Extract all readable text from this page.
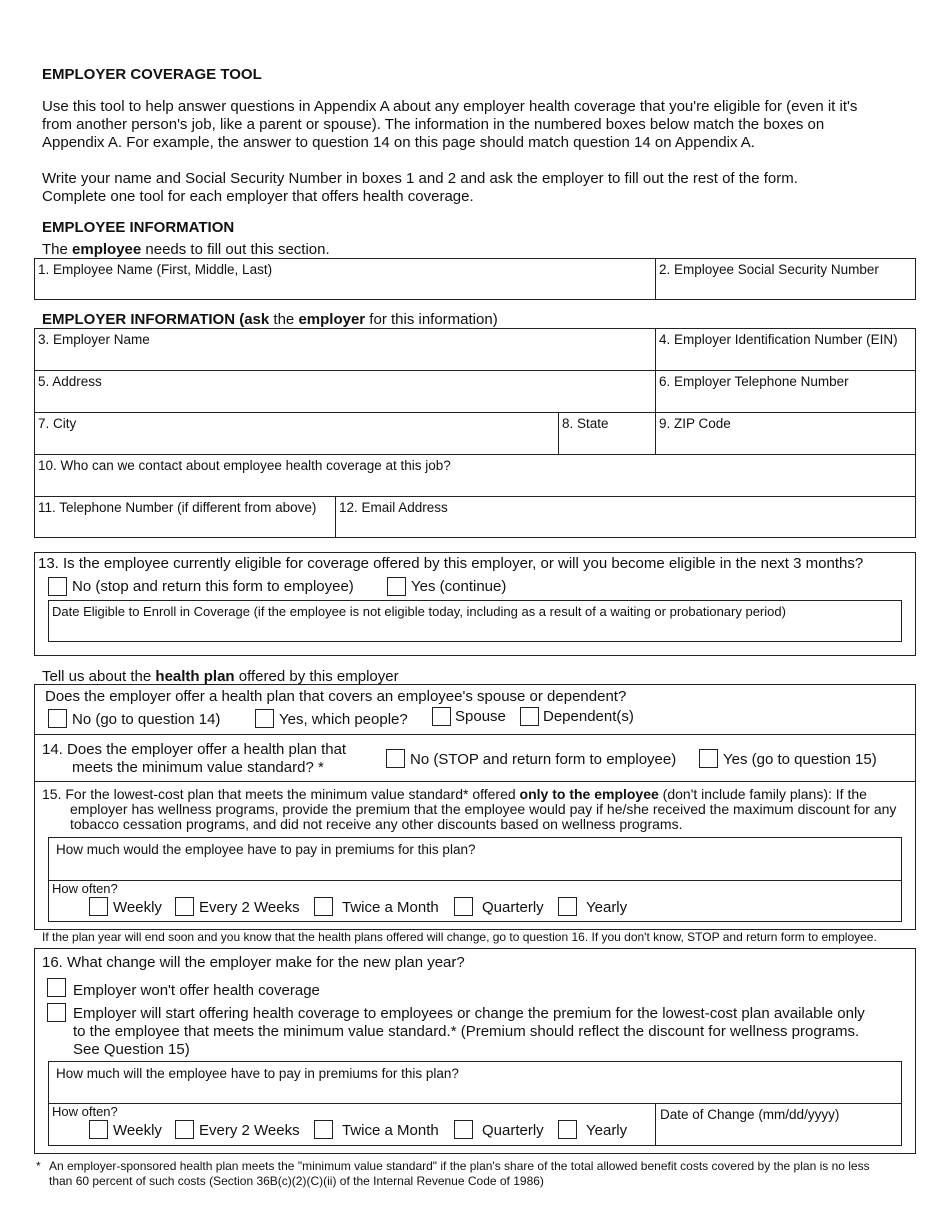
EMPLOYER COVERAGE TOOL
Use this tool to help answer questions in Appendix A about any employer health coverage that you're eligible for (even it it's
from another person's job, like a parent or spouse). The information in the numbered boxes below match the boxes on
Appendix A. For example, the answer to question 14 on this page should match question 14 on Appendix A.
Write your name and Social Security Number in boxes 1 and 2 and ask the employer to fill out the rest of the form.
Complete one tool for each employer that offers health coverage.
EMPLOYEE INFORMATION
The employee needs to fill out this section.
1. Employee Name (First, Middle, Last)	2. Employee Social Security Number
EMPLOYER INFORMATION (ask the employer for this information)
3. Employer Name	4. Employer Identification Number (EIN)
5. Address	6. Employer Telephone Number
7. City	8. State	9. ZIP Code
10. Who can we contact about employee health coverage at this job?
11. Telephone Number (if different from above) 12. Email Address
13. Is the employee currently eligible for coverage offered by this employer, or will you become eligible in the next 3 months?
No (stop and return this form to employee)	Yes (continue)
Date Eligible to Enroll in Coverage (if the employee is not eligible today, including as a result of a waiting or probationary period)
Tell us about the health plan offered by this employer
Does the employer offer a health plan that covers an employee's spouse or dependent?
No (go to question 14)	Yes, which people?	Spouse Dependent(s)
14. Does the employer offer a health plan that
meets the minimum value standard? *	No (STOP and return form to employee)	Yes (go to question 15)
15. For the lowest-cost plan that meets the minimum value standard* offered only to the employee (don't include family plans): If the
employer has wellness programs, provide the premium that the employee would pay if he/she received the maximum discount for any
tobacco cessation programs, and did not receive any other discounts based on wellness programs.
How much would the employee have to pay in premiums for this plan?
How often?
Weekly Every 2 Weeks	Twice a Month	Quarterly	Yearly
If the plan year will end soon and you know that the health plans offered will change, go to question 16. If you don't know, STOP and return form to employee.
16. What change will the employer make for the new plan year?
Employer won't offer health coverage
Employer will start offering health coverage to employees or change the premium for the lowest-cost plan available only
to the employee that meets the minimum value standard.* (Premium should reflect the discount for wellness programs.
See Question 15)
How much will the employee have to pay in premiums for this plan?
How often?	Date of Change (mm/dd/yyyy)
Weekly Every 2 Weeks	Twice a Month	Quarterly	Yearly
* An employer-sponsored health plan meets the "minimum value standard" if the plan's share of the total allowed benefit costs covered by the plan is no less
than 60 percent of such costs (Section 36B(c)(2)(C)(ii) of the Internal Revenue Code of 1986)
